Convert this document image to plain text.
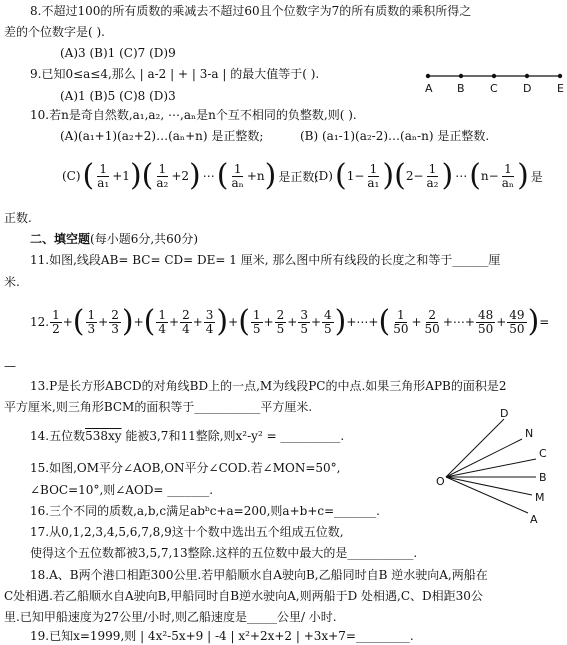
8.不超过100的所有质数的乘减去不超过60且个位数字为7的所有质数的乘积所得之
差的个位数字是( ).
(A)3 (B)1 (C)7 (D)9
9.已知0≤a≤4,那么 | a-2 | + | 3-a | 的最大值等于( ).
(A)1 (B)5 (C)8 (D)3
A B C D E
10.若n是奇自然数,a₁,a₂, ⋯,aₙ是n个互不相同的负整数,则( ).
(A)(a₁+1)(a₂+2)…(aₙ+n) 是正整数;	(B) (a₁-1)(a₂-2)…(aₙ-n) 是正整数.
(C) ( $\frac{1}{\text{a₁}} +1$ ) ( $\frac{1}{\text{a₂}} +2$ ) ⋯ ( $\frac{1}{\text{aₙ}} +n$ ) 是正数;
(D) ( $1- \frac{1}{\text{a₁}}$ ) ( $2- \frac{1}{\text{a₂}}$ ) ⋯ ( $n- \frac{1}{\text{aₙ}}$ ) 是
正数.
二、填空题(每小题6分,共60分)
11.如图,线段AB= BC= CD= DE= 1 厘米, 那么图中所有线段的长度之和等于______厘
米.
12. $\frac{1}{2}$ + ( $\frac{1}{3} + \frac{2}{3}$ ) + ( $\frac{1}{4} + \frac{2}{4} + \frac{3}{4}$ ) + ( $\frac{1}{5} + \frac{2}{5} + \frac{3}{5} + \frac{4}{5}$ ) +⋯+ ( $\frac{1}{50} + \frac{2}{50}$ +⋯+ $\frac{48}{50} + \frac{49}{50}$ ) =
—
13.P是长方形ABCD的对角线BD上的一点,M为线段PC的中点.如果三角形APB的面积是2
平方厘米,则三角形BCM的面积等于___________平方厘米.
14.五位数538xy 能被3,7和11整除,则x²-y² = __________.
15.如图,OM平分∠AOB,ON平分∠COD.若∠MON=50°,
∠BOC=10°,则∠AOD= _______.
O
D
N
C
B
M
A
16.三个不同的质数,a,b,c满足abᵇc+a=200,则a+b+c=_______.
17.从0,1,2,3,4,5,6,7,8,9这十个数中选出五个组成五位数,
使得这个五位数都被3,5,7,13整除.这样的五位数中最大的是___________.
18.A、B两个港口相距300公里.若甲船顺水自A驶向B,乙船同时自B 逆水驶向A,两船在
C处相遇.若乙船顺水自A驶向B,甲船同时自B逆水驶向A,则两船于D 处相遇,C、D相距30公
里.已知甲船速度为27公里/小时,则乙船速度是_____公里/ 小时.
19.已知x=1999,则 | 4x²-5x+9 | -4 | x²+2x+2 | +3x+7=_________.
